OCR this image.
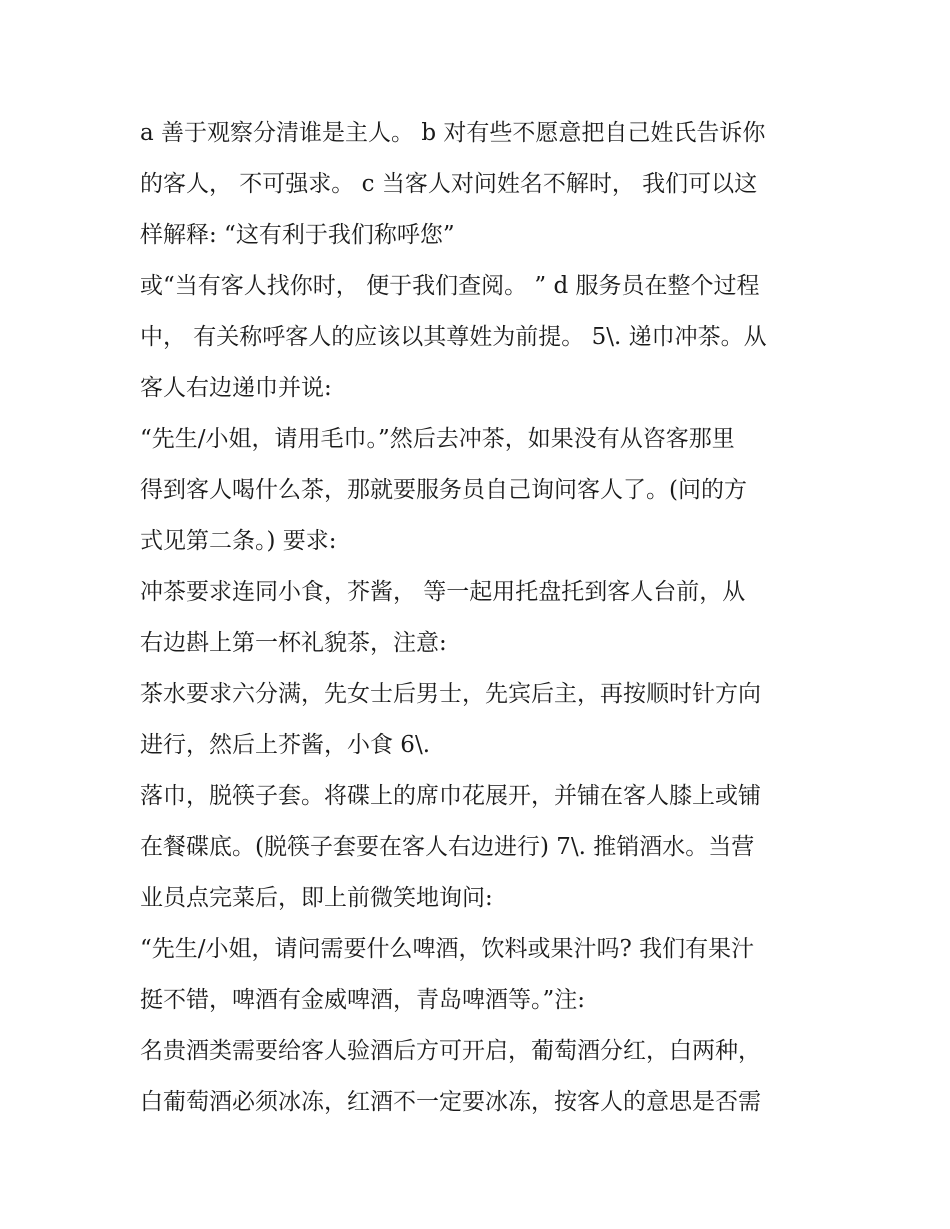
a 善于观察分清谁是主人。 b 对有些不愿意把自己姓氏告诉你
的客人， 不可强求。 c 当客人对问姓名不解时， 我们可以这
样解释: “这有利于我们称呼您”
或“当有客人找你时， 便于我们查阅。 ” d 服务员在整个过程
中， 有关称呼客人的应该以其尊姓为前提。 5\. 递巾冲茶。从
客人右边递巾并说:
“先生/小姐，请用毛巾。”然后去冲茶，如果没有从咨客那里
得到客人喝什么茶，那就要服务员自己询问客人了。(问的方
式见第二条。) 要求:
冲茶要求连同小食，芥酱， 等一起用托盘托到客人台前，从
右边斟上第一杯礼貌茶，注意:
茶水要求六分满，先女士后男士，先宾后主，再按顺时针方向
进行，然后上芥酱，小食 6\.
落巾，脱筷子套。将碟上的席巾花展开，并铺在客人膝上或铺
在餐碟底。(脱筷子套要在客人右边进行) 7\. 推销酒水。当营
业员点完菜后，即上前微笑地询问:
“先生/小姐，请问需要什么啤酒，饮料或果汁吗? 我们有果汁
挺不错，啤酒有金威啤酒，青岛啤酒等。”注:
名贵酒类需要给客人验酒后方可开启，葡萄酒分红，白两种，
白葡萄酒必须冰冻，红酒不一定要冰冻，按客人的意思是否需
